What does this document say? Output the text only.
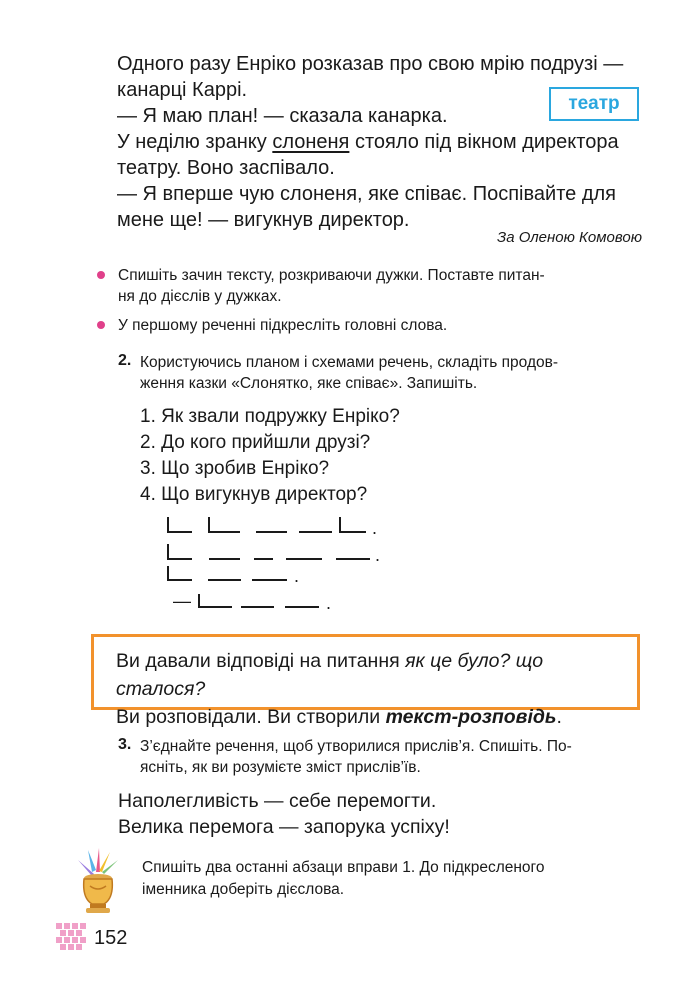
Одного разу Енріко розказав про свою мрію подрузі —

канарці Каррі.

— Я маю план! — сказала канарка.

У неділю зранку слоненя стояло під вікном директора

театру. Воно заспівало.

— Я вперше чую слоненя, яке співає. Поспівайте для

мене ще! — вигукнув директор.

театр
За Оленою Комовою
Спишіть зачин тексту, розкриваючи дужки. Поставте питан-
ня до дієслів у дужках.
У першому реченні підкресліть головні слова.
2. Користуючись планом і схемами речень, складіть продов-
ження казки «Слонятко, яке співає». Запишіть.
1. Як звали подружку Енріко?
2. До кого прийшли друзі?
3. Що зробив Енріко?
4. Що вигукнув директор?
.
.
.
.
—
Ви давали відповіді на питання як це було? що сталося?
Ви розповідали. Ви створили текст-розповідь.
3. З’єднайте речення, щоб утворилися прислів’я. Спишіть. По-
ясніть, як ви розумієте зміст прислів’їв.
Наполегливість — себе перемогти.
Велика перемога — запорука успіху!
Спишіть два останні абзаци вправи 1. До підкресленого
іменника доберіть дієслова.
152
